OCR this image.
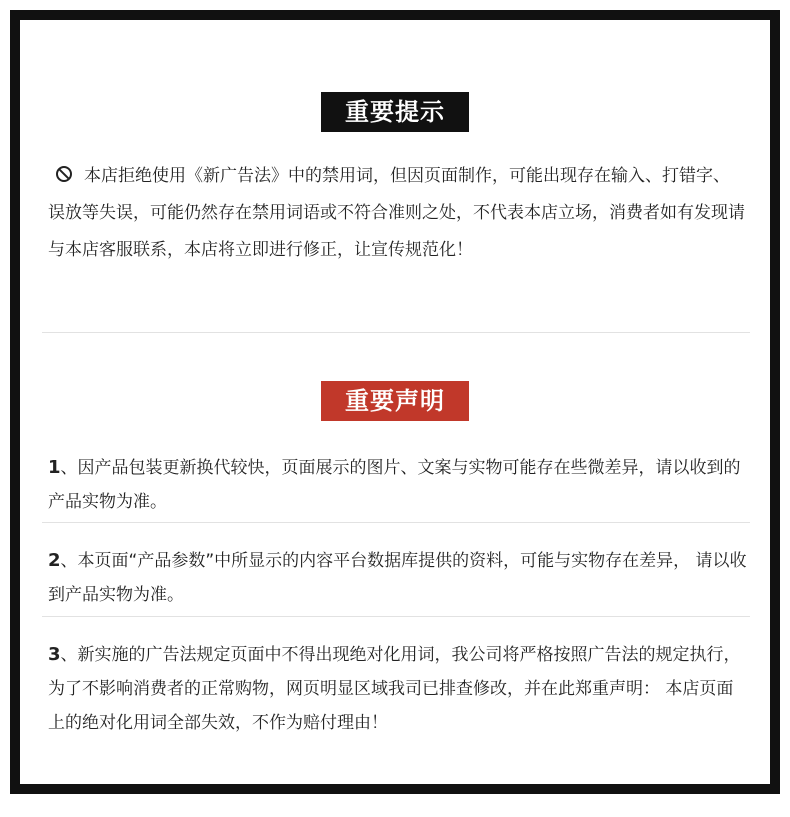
重要提示

本店拒绝使用《新广告法》中的禁用词，但因页面制作，可能出现存在输入、打错字、 误放等失误，可能仍然存在禁用词语或不符合准则之处，不代表本店立场，消费者如有发现请与本店客服联系，本店将立即进行修正，让宣传规范化！

重要声明

1、因产品包装更新换代较快，页面展示的图片、文案与实物可能存在些微差异，请以收到的产品实物为准。

2、本页面“产品参数”中所显示的内容平台数据库提供的资料，可能与实物存在差异， 请以收到产品实物为准。

3、新实施的广告法规定页面中不得出现绝对化用词，我公司将严格按照广告法的规定执行，为了不影响消费者的正常购物，网页明显区域我司已排查修改，并在此郑重声明： 本店页面上的绝对化用词全部失效，不作为赔付理由！
